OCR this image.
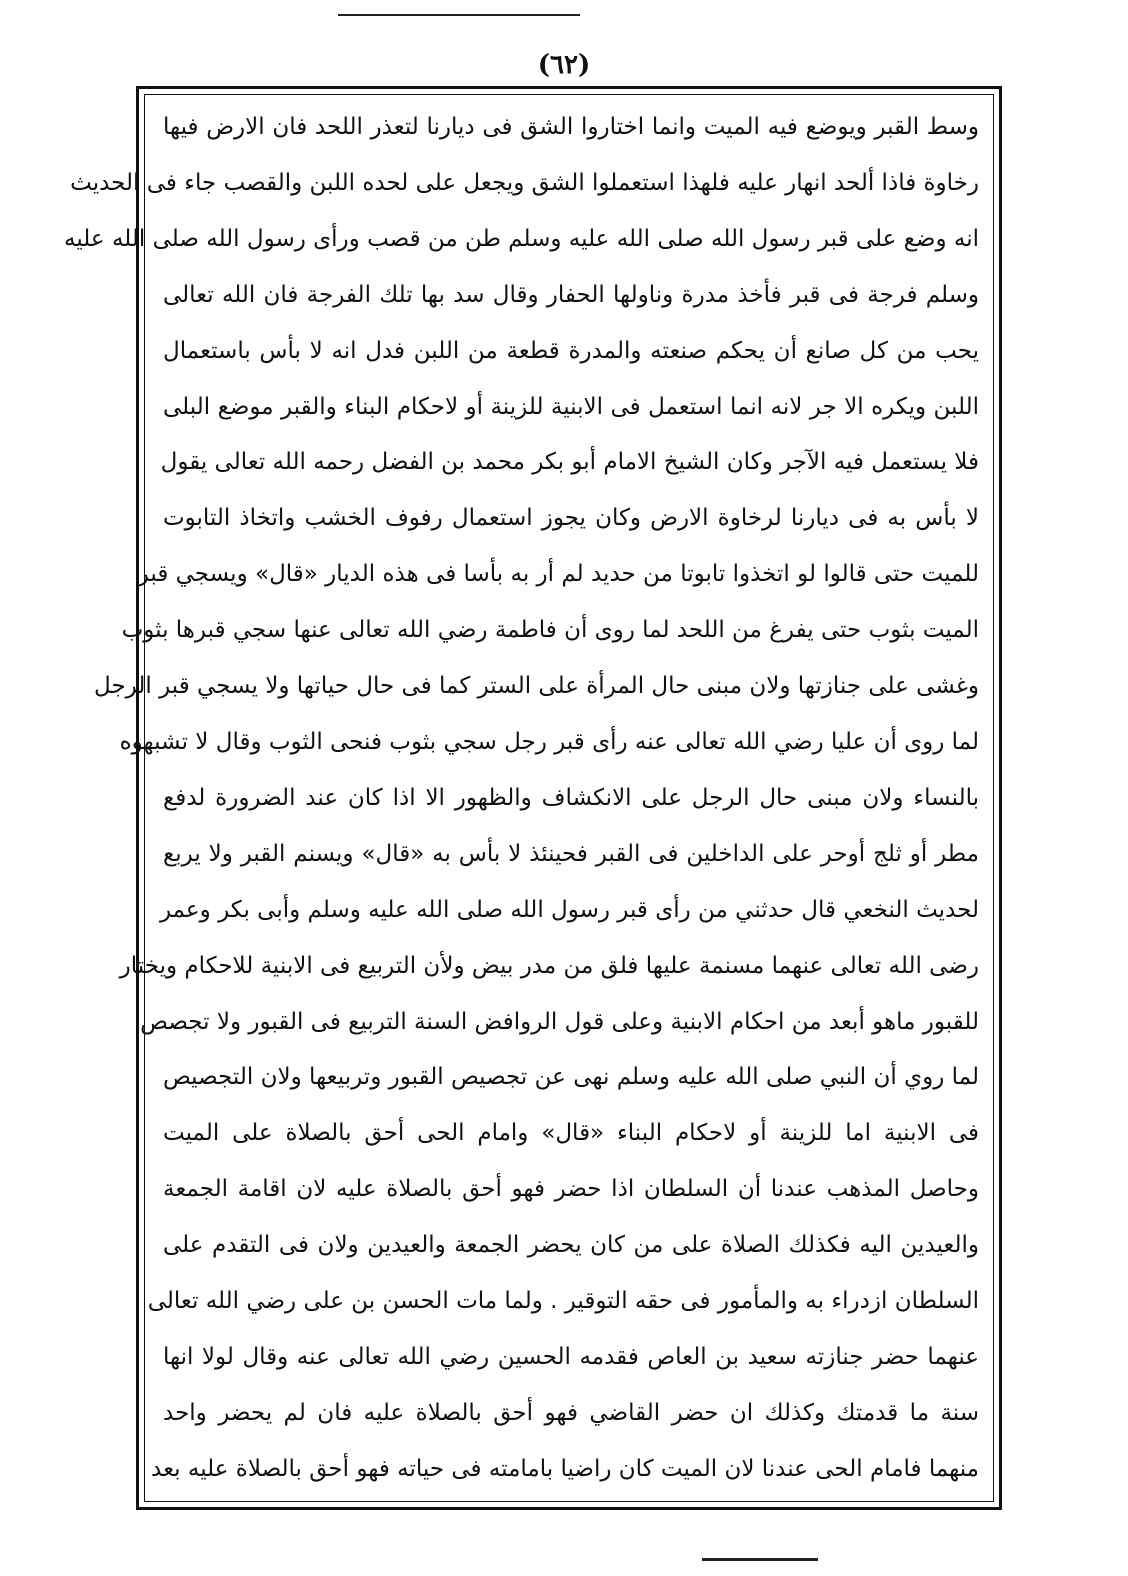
(٦٢)
وسط القبر ويوضع فيه الميت وانما اختاروا الشق فى ديارنا لتعذر اللحد فان الارض فيها
رخاوة فاذا ألحد انهار عليه فلهذا استعملوا الشق ويجعل على لحده اللبن والقصب جاء فى الحديث
انه وضع على قبر رسول الله صلى الله عليه وسلم طن من قصب ورأى رسول الله صلى الله عليه
وسلم فرجة فى قبر فأخذ مدرة وناولها الحفار وقال سد بها تلك الفرجة فان الله تعالى
يحب من كل صانع أن يحكم صنعته والمدرة قطعة من اللبن فدل انه لا بأس باستعمال
اللبن ويكره الا جر لانه انما استعمل فى الابنية للزينة أو لاحكام البناء والقبر موضع البلى
فلا يستعمل فيه الآجر وكان الشيخ الامام أبو بكر محمد بن الفضل رحمه الله تعالى يقول
لا بأس به فى ديارنا لرخاوة الارض وكان يجوز استعمال رفوف الخشب واتخاذ التابوت
للميت حتى قالوا لو اتخذوا تابوتا من حديد لم أر به بأسا فى هذه الديار «قال» ويسجي قبر
الميت بثوب حتى يفرغ من اللحد لما روى أن فاطمة رضي الله تعالى عنها سجي قبرها بثوب
وغشى على جنازتها ولان مبنى حال المرأة على الستر كما فى حال حياتها ولا يسجي قبر الرجل
لما روى أن عليا رضي الله تعالى عنه رأى قبر رجل سجي بثوب فنحى الثوب وقال لا تشبهوه
بالنساء ولان مبنى حال الرجل على الانكشاف والظهور الا اذا كان عند الضرورة لدفع
مطر أو ثلج أوحر على الداخلين فى القبر فحينئذ لا بأس به «قال» ويسنم القبر ولا يربع
لحديث النخعي قال حدثني من رأى قبر رسول الله صلى الله عليه وسلم وأبى بكر وعمر
رضى الله تعالى عنهما مسنمة عليها فلق من مدر بيض ولأن التربيع فى الابنية للاحكام ويختار
للقبور ماهو أبعد من احكام الابنية وعلى قول الروافض السنة التربيع فى القبور ولا تجصص
لما روي أن النبي صلى الله عليه وسلم نهى عن تجصيص القبور وتربيعها ولان التجصيص
فى الابنية اما للزينة أو لاحكام البناء «قال» وامام الحى أحق بالصلاة على الميت
وحاصل المذهب عندنا أن السلطان اذا حضر فهو أحق بالصلاة عليه لان اقامة الجمعة
والعيدين اليه فكذلك الصلاة على من كان يحضر الجمعة والعيدين ولان فى التقدم على
السلطان ازدراء به والمأمور فى حقه التوقير . ولما مات الحسن بن على رضي الله تعالى
عنهما حضر جنازته سعيد بن العاص فقدمه الحسين رضي الله تعالى عنه وقال لولا انها
سنة ما قدمتك وكذلك ان حضر القاضي فهو أحق بالصلاة عليه فان لم يحضر واحد
منهما فامام الحى عندنا لان الميت كان راضيا بامامته فى حياته فهو أحق بالصلاة عليه بعد
